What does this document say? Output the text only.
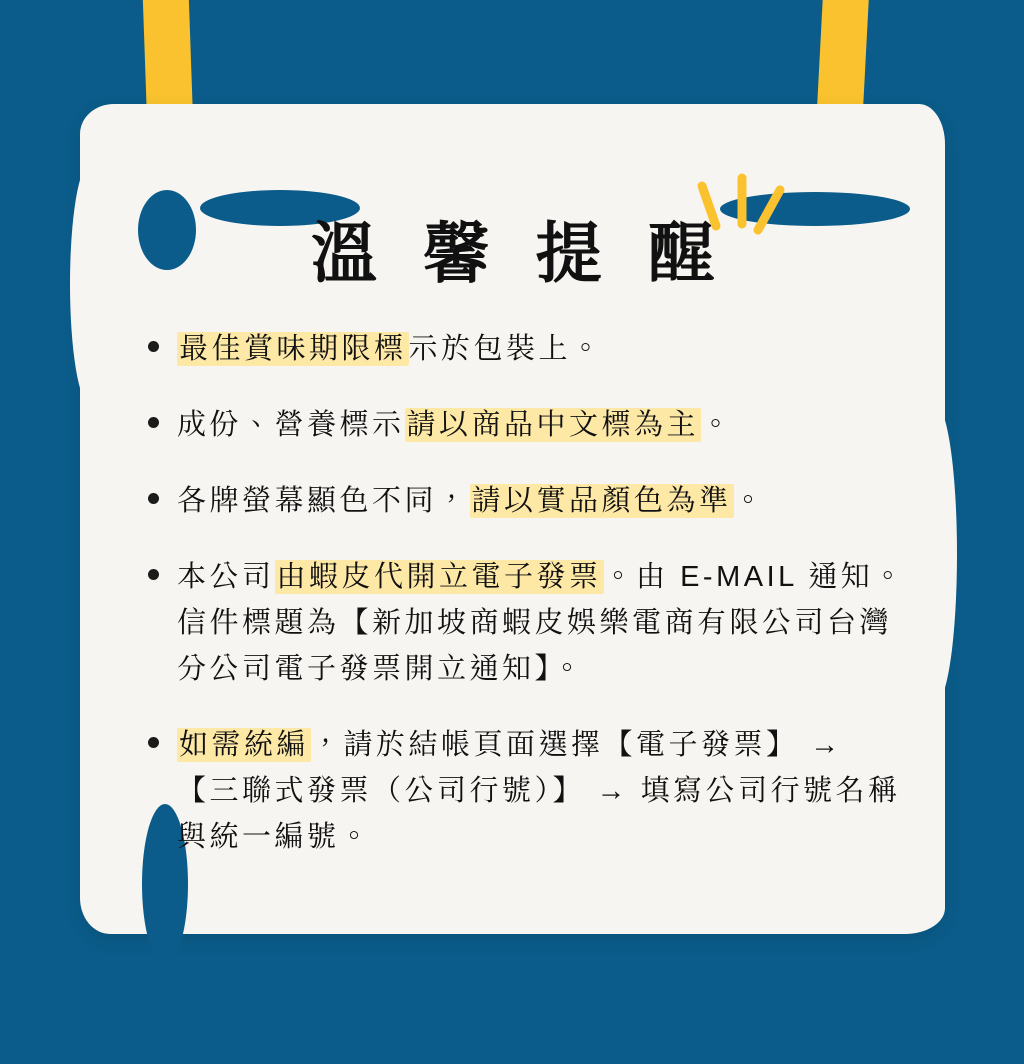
溫 馨 提 醒
最佳賞味期限標示於包裝上。
成份、營養標示請以商品中文標為主。
各牌螢幕顯色不同，請以實品顏色為準。
本公司由蝦皮代開立電子發票。由 E-MAIL 通知。信件標題為【新加坡商蝦皮娛樂電商有限公司台灣分公司電子發票開立通知】。
如需統編，請於結帳頁面選擇【電子發票】 → 【三聯式發票（公司行號）】 → 填寫公司行號名稱與統一編號。
